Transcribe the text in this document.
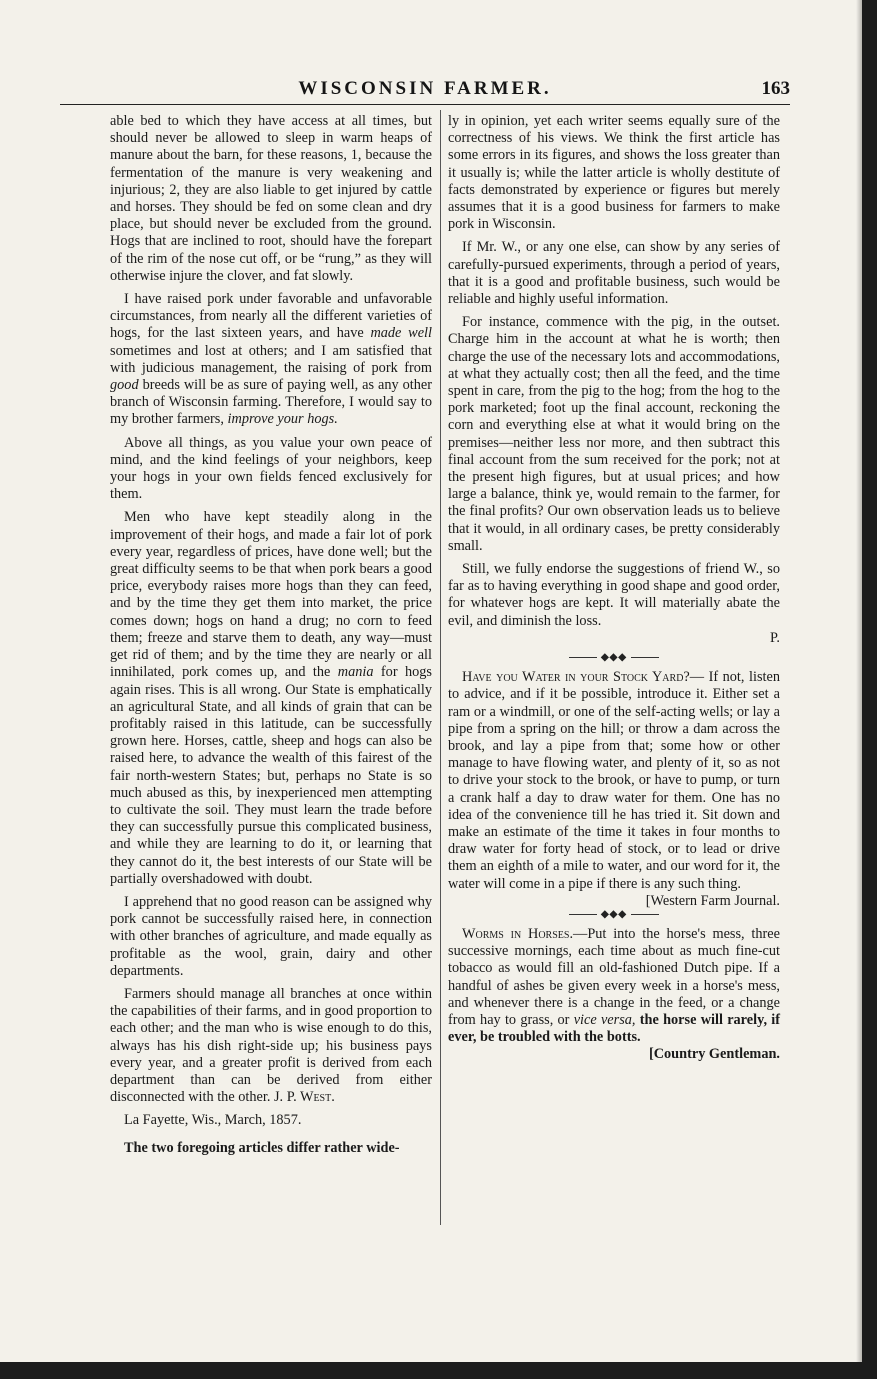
WISCONSIN FARMER.	163

able bed to which they have access at all times, but should never be allowed to sleep in warm heaps of manure about the barn, for these reasons, 1, because the fermentation of the manure is very weakening and injurious; 2, they are also liable to get injured by cattle and horses. They should be fed on some clean and dry place, but should never be excluded from the ground. Hogs that are inclined to root, should have the forepart of the rim of the nose cut off, or be “rung,” as they will otherwise injure the clover, and fat slowly.

I have raised pork under favorable and unfavorable circumstances, from nearly all the different varieties of hogs, for the last sixteen years, and have made well sometimes and lost at others; and I am satisfied that with judicious management, the raising of pork from good breeds will be as sure of paying well, as any other branch of Wisconsin farming. Therefore, I would say to my brother farmers, improve your hogs.

Above all things, as you value your own peace of mind, and the kind feelings of your neighbors, keep your hogs in your own fields fenced exclusively for them.

Men who have kept steadily along in the improvement of their hogs, and made a fair lot of pork every year, regardless of prices, have done well; but the great difficulty seems to be that when pork bears a good price, everybody raises more hogs than they can feed, and by the time they get them into market, the price comes down; hogs on hand a drug; no corn to feed them; freeze and starve them to death, any way—must get rid of them; and by the time they are nearly or all innihilated, pork comes up, and the mania for hogs again rises. This is all wrong. Our State is emphatically an agricultural State, and all kinds of grain that can be profitably raised in this latitude, can be successfully grown here. Horses, cattle, sheep and hogs can also be raised here, to advance the wealth of this fairest of the fair north-western States; but, perhaps no State is so much abused as this, by inexperienced men attempting to cultivate the soil. They must learn the trade before they can successfully pursue this complicated business, and while they are learning to do it, or learning that they cannot do it, the best interests of our State will be partially overshadowed with doubt.

I apprehend that no good reason can be assigned why pork cannot be successfully raised here, in connection with other branches of agriculture, and made equally as profitable as the wool, grain, dairy and other departments.

Farmers should manage all branches at once within the capabilities of their farms, and in good proportion to each other; and the man who is wise enough to do this, always has his dish right-side up; his business pays every year, and a greater profit is derived from each department than can be derived from either disconnected with the other. J. P. West.

La Fayette, Wis., March, 1857.

The two foregoing articles differ rather wide-

ly in opinion, yet each writer seems equally sure of the correctness of his views. We think the first article has some errors in its figures, and shows the loss greater than it usually is; while the latter article is wholly destitute of facts demonstrated by experience or figures but merely assumes that it is a good business for farmers to make pork in Wisconsin.

If Mr. W., or any one else, can show by any series of carefully-pursued experiments, through a period of years, that it is a good and profitable business, such would be reliable and highly useful information.

For instance, commence with the pig, in the outset. Charge him in the account at what he is worth; then charge the use of the necessary lots and accommodations, at what they actually cost; then all the feed, and the time spent in care, from the pig to the hog; from the hog to the pork marketed; foot up the final account, reckoning the corn and everything else at what it would bring on the premises—neither less nor more, and then subtract this final account from the sum received for the pork; not at the present high figures, but at usual prices; and how large a balance, think ye, would remain to the farmer, for the final profits? Our own observation leads us to believe that it would, in all ordinary cases, be pretty considerably small.

Still, we fully endorse the suggestions of friend W., so far as to having everything in good shape and good order, for whatever hogs are kept. It will materially abate the evil, and diminish the loss.
P.

◆◆◆

Have you Water in your Stock Yard?— If not, listen to advice, and if it be possible, introduce it. Either set a ram or a windmill, or one of the self-acting wells; or lay a pipe from a spring on the hill; or throw a dam across the brook, and lay a pipe from that; some how or other manage to have flowing water, and plenty of it, so as not to drive your stock to the brook, or have to pump, or turn a crank half a day to draw water for them. One has no idea of the convenience till he has tried it. Sit down and make an estimate of the time it takes in four months to draw water for forty head of stock, or to lead or drive them an eighth of a mile to water, and our word for it, the water will come in a pipe if there is any such thing.
[Western Farm Journal.

◆◆◆

Worms in Horses.—Put into the horse's mess, three successive mornings, each time about as much fine-cut tobacco as would fill an old-fashioned Dutch pipe. If a handful of ashes be given every week in a horse's mess, and whenever there is a change in the feed, or a change from hay to grass, or vice versa, the horse will rarely, if ever, be troubled with the botts.
[Country Gentleman.
